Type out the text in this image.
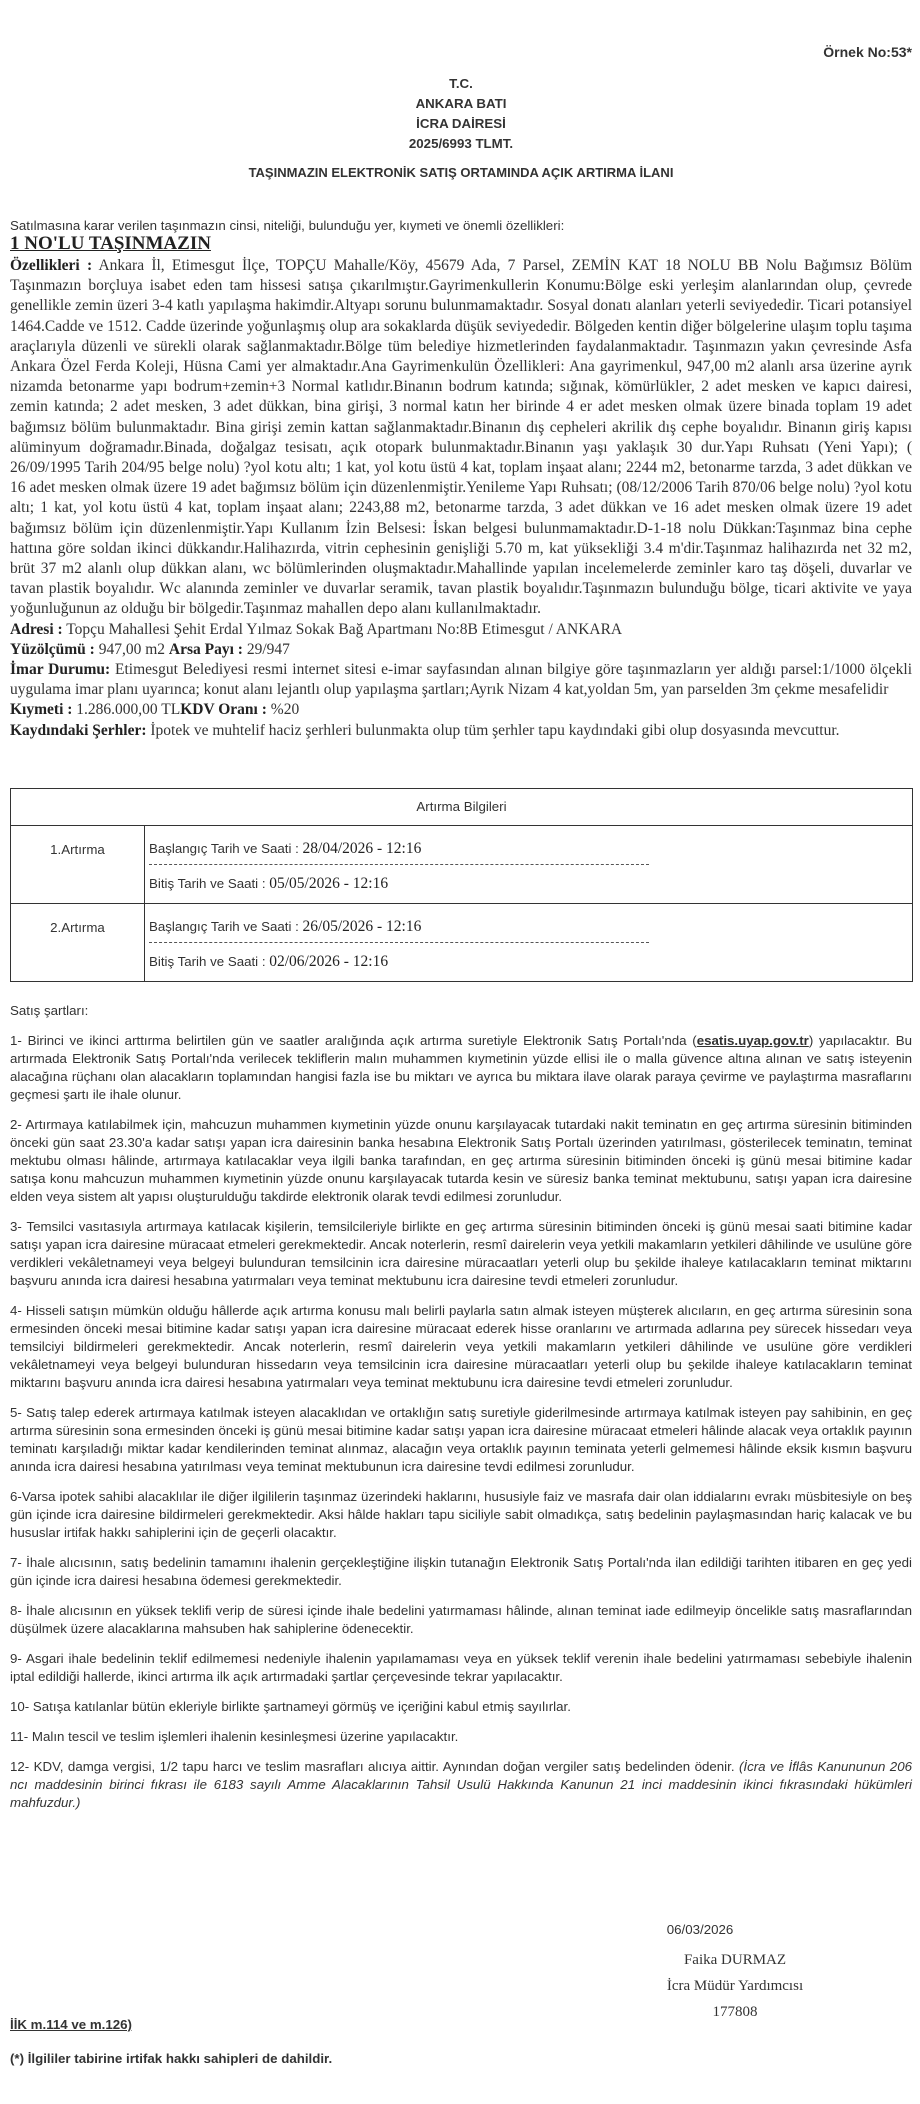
Örnek No:53*
T.C.
ANKARA BATI
İCRA DAİRESİ
2025/6993 TLMT.
TAŞINMAZIN ELEKTRONİK SATIŞ ORTAMINDA AÇIK ARTIRMA İLANI
Satılmasına karar verilen taşınmazın cinsi, niteliği, bulunduğu yer, kıymeti ve önemli özellikleri:
1 NO'LU TAŞINMAZIN

Özellikleri : Ankara İl, Etimesgut İlçe, TOPÇU Mahalle/Köy, 45679 Ada, 7 Parsel, ZEMİN KAT 18 NOLU BB Nolu Bağımsız Bölüm Taşınmazın borçluya isabet eden tam hissesi satışa çıkarılmıştır.Gayrimenkullerin Konumu:Bölge eski yerleşim alanlarından olup, çevrede genellikle zemin üzeri 3-4 katlı yapılaşma hakimdir.Altyapı sorunu bulunmamaktadır. Sosyal donatı alanları yeterli seviyededir. Ticari potansiyel 1464.Cadde ve 1512. Cadde üzerinde yoğunlaşmış olup ara sokaklarda düşük seviyededir. Bölgeden kentin diğer bölgelerine ulaşım toplu taşıma araçlarıyla düzenli ve sürekli olarak sağlanmaktadır.Bölge tüm belediye hizmetlerinden faydalanmaktadır. Taşınmazın yakın çevresinde Asfa Ankara Özel Ferda Koleji, Hüsna Cami yer almaktadır.Ana Gayrimenkulün Özellikleri: Ana gayrimenkul, 947,00 m2 alanlı arsa üzerine ayrık nizamda betonarme yapı bodrum+zemin+3 Normal katlıdır.Binanın bodrum katında; sığınak, kömürlükler, 2 adet mesken ve kapıcı dairesi, zemin katında; 2 adet mesken, 3 adet dükkan, bina girişi, 3 normal katın her birinde 4 er adet mesken olmak üzere binada toplam 19 adet bağımsız bölüm bulunmaktadır. Bina girişi zemin kattan sağlanmaktadır.Binanın dış cepheleri akrilik dış cephe boyalıdır. Binanın giriş kapısı alüminyum doğramadır.Binada, doğalgaz tesisatı, açık otopark bulunmaktadır.Binanın yaşı yaklaşık 30 dur.Yapı Ruhsatı (Yeni Yapı); ( 26/09/1995 Tarih 204/95 belge nolu) ?yol kotu altı; 1 kat, yol kotu üstü 4 kat, toplam inşaat alanı; 2244 m2, betonarme tarzda, 3 adet dükkan ve 16 adet mesken olmak üzere 19 adet bağımsız bölüm için düzenlenmiştir.Yenileme Yapı Ruhsatı; (08/12/2006 Tarih 870/06 belge nolu) ?yol kotu altı; 1 kat, yol kotu üstü 4 kat, toplam inşaat alanı; 2243,88 m2, betonarme tarzda, 3 adet dükkan ve 16 adet mesken olmak üzere 19 adet bağımsız bölüm için düzenlenmiştir.Yapı Kullanım İzin Belsesi: İskan belgesi bulunmamaktadır.D-1-18 nolu Dükkan:Taşınmaz bina cephe hattına göre soldan ikinci dükkandır.Halihazırda, vitrin cephesinin genişliği 5.70 m, kat yüksekliği 3.4 m'dir.Taşınmaz halihazırda net 32 m2, brüt 37 m2 alanlı olup dükkan alanı, wc bölümlerinden oluşmaktadır.Mahallinde yapılan incelemelerde zeminler karo taş döşeli, duvarlar ve tavan plastik boyalıdır. Wc alanında zeminler ve duvarlar seramik, tavan plastik boyalıdır.Taşınmazın bulunduğu bölge, ticari aktivite ve yaya yoğunluğunun az olduğu bir bölgedir.Taşınmaz mahallen depo alanı kullanılmaktadır.

Adresi : Topçu Mahallesi Şehit Erdal Yılmaz Sokak Bağ Apartmanı No:8B Etimesgut / ANKARA

Yüzölçümü : 947,00 m2 Arsa Payı : 29/947

İmar Durumu: Etimesgut Belediyesi resmi internet sitesi e-imar sayfasından alınan bilgiye göre taşınmazların yer aldığı parsel:1/1000 ölçekli uygulama imar planı uyarınca; konut alanı lejantlı olup yapılaşma şartları;Ayrık Nizam 4 kat,yoldan 5m, yan parselden 3m çekme mesafelidir

Kıymeti : 1.286.000,00 TLKDV Oranı : %20

Kaydındaki Şerhler: İpotek ve muhtelif haciz şerhleri bulunmakta olup tüm şerhler tapu kaydındaki gibi olup dosyasında mevcuttur.

Artırma Bilgileri	
1.Artırma	Başlangıç Tarih ve Saati : 28/04/2026 - 12:16
Bitiş Tarih ve Saati : 05/05/2026 - 12:16

2.Artırma	Başlangıç Tarih ve Saati : 26/05/2026 - 12:16
Bitiş Tarih ve Saati : 02/06/2026 - 12:16

Satış şartları:

1- Birinci ve ikinci arttırma belirtilen gün ve saatler aralığında açık artırma suretiyle Elektronik Satış Portalı'nda (esatis.uyap.gov.tr) yapılacaktır. Bu artırmada Elektronik Satış Portalı'nda verilecek tekliflerin malın muhammen kıymetinin yüzde ellisi ile o malla güvence altına alınan ve satış isteyenin alacağına rüçhanı olan alacakların toplamından hangisi fazla ise bu miktarı ve ayrıca bu miktara ilave olarak paraya çevirme ve paylaştırma masraflarını geçmesi şartı ile ihale olunur.

2- Artırmaya katılabilmek için, mahcuzun muhammen kıymetinin yüzde onunu karşılayacak tutardaki nakit teminatın en geç artırma süresinin bitiminden önceki gün saat 23.30'a kadar satışı yapan icra dairesinin banka hesabına Elektronik Satış Portalı üzerinden yatırılması, gösterilecek teminatın, teminat mektubu olması hâlinde, artırmaya katılacaklar veya ilgili banka tarafından, en geç artırma süresinin bitiminden önceki iş günü mesai bitimine kadar satışa konu mahcuzun muhammen kıymetinin yüzde onunu karşılayacak tutarda kesin ve süresiz banka teminat mektubunu, satışı yapan icra dairesine elden veya sistem alt yapısı oluşturulduğu takdirde elektronik olarak tevdi edilmesi zorunludur.

3- Temsilci vasıtasıyla artırmaya katılacak kişilerin, temsilcileriyle birlikte en geç artırma süresinin bitiminden önceki iş günü mesai saati bitimine kadar satışı yapan icra dairesine müracaat etmeleri gerekmektedir. Ancak noterlerin, resmî dairelerin veya yetkili makamların yetkileri dâhilinde ve usulüne göre verdikleri vekâletnameyi veya belgeyi bulunduran temsilcinin icra dairesine müracaatları yeterli olup bu şekilde ihaleye katılacakların teminat miktarını başvuru anında icra dairesi hesabına yatırmaları veya teminat mektubunu icra dairesine tevdi etmeleri zorunludur.

4- Hisseli satışın mümkün olduğu hâllerde açık artırma konusu malı belirli paylarla satın almak isteyen müşterek alıcıların, en geç artırma süresinin sona ermesinden önceki mesai bitimine kadar satışı yapan icra dairesine müracaat ederek hisse oranlarını ve artırmada adlarına pey sürecek hissedarı veya temsilciyi bildirmeleri gerekmektedir. Ancak noterlerin, resmî dairelerin veya yetkili makamların yetkileri dâhilinde ve usulüne göre verdikleri vekâletnameyi veya belgeyi bulunduran hissedarın veya temsilcinin icra dairesine müracaatları yeterli olup bu şekilde ihaleye katılacakların teminat miktarını başvuru anında icra dairesi hesabına yatırmaları veya teminat mektubunu icra dairesine tevdi etmeleri zorunludur.

5- Satış talep ederek artırmaya katılmak isteyen alacaklıdan ve ortaklığın satış suretiyle giderilmesinde artırmaya katılmak isteyen pay sahibinin, en geç artırma süresinin sona ermesinden önceki iş günü mesai bitimine kadar satışı yapan icra dairesine müracaat etmeleri hâlinde alacak veya ortaklık payının teminatı karşıladığı miktar kadar kendilerinden teminat alınmaz, alacağın veya ortaklık payının teminata yeterli gelmemesi hâlinde eksik kısmın başvuru anında icra dairesi hesabına yatırılması veya teminat mektubunun icra dairesine tevdi edilmesi zorunludur.

6-Varsa ipotek sahibi alacaklılar ile diğer ilgililerin taşınmaz üzerindeki haklarını, hususiyle faiz ve masrafa dair olan iddialarını evrakı müsbitesiyle on beş gün içinde icra dairesine bildirmeleri gerekmektedir. Aksi hâlde hakları tapu siciliyle sabit olmadıkça, satış bedelinin paylaşmasından hariç kalacak ve bu hususlar irtifak hakkı sahiplerini için de geçerli olacaktır.

7- İhale alıcısının, satış bedelinin tamamını ihalenin gerçekleştiğine ilişkin tutanağın Elektronik Satış Portalı'nda ilan edildiği tarihten itibaren en geç yedi gün içinde icra dairesi hesabına ödemesi gerekmektedir.

8- İhale alıcısının en yüksek teklifi verip de süresi içinde ihale bedelini yatırmaması hâlinde, alınan teminat iade edilmeyip öncelikle satış masraflarından düşülmek üzere alacaklarına mahsuben hak sahiplerine ödenecektir.

9- Asgari ihale bedelinin teklif edilmemesi nedeniyle ihalenin yapılamaması veya en yüksek teklif verenin ihale bedelini yatırmaması sebebiyle ihalenin iptal edildiği hallerde, ikinci artırma ilk açık artırmadaki şartlar çerçevesinde tekrar yapılacaktır.

10- Satışa katılanlar bütün ekleriyle birlikte şartnameyi görmüş ve içeriğini kabul etmiş sayılırlar.

11- Malın tescil ve teslim işlemleri ihalenin kesinleşmesi üzerine yapılacaktır.

12- KDV, damga vergisi, 1/2 tapu harcı ve teslim masrafları alıcıya aittir. Aynından doğan vergiler satış bedelinden ödenir. (İcra ve İflâs Kanununun 206 ncı maddesinin birinci fıkrası ile 6183 sayılı Amme Alacaklarının Tahsil Usulü Hakkında Kanunun 21 inci maddesinin ikinci fıkrasındaki hükümleri mahfuzdur.)

06/03/2026
Faika DURMAZ
İcra Müdür Yardımcısı
177808
İİK m.114 ve m.126)
(*) İlgililer tabirine irtifak hakkı sahipleri de dahildir.
